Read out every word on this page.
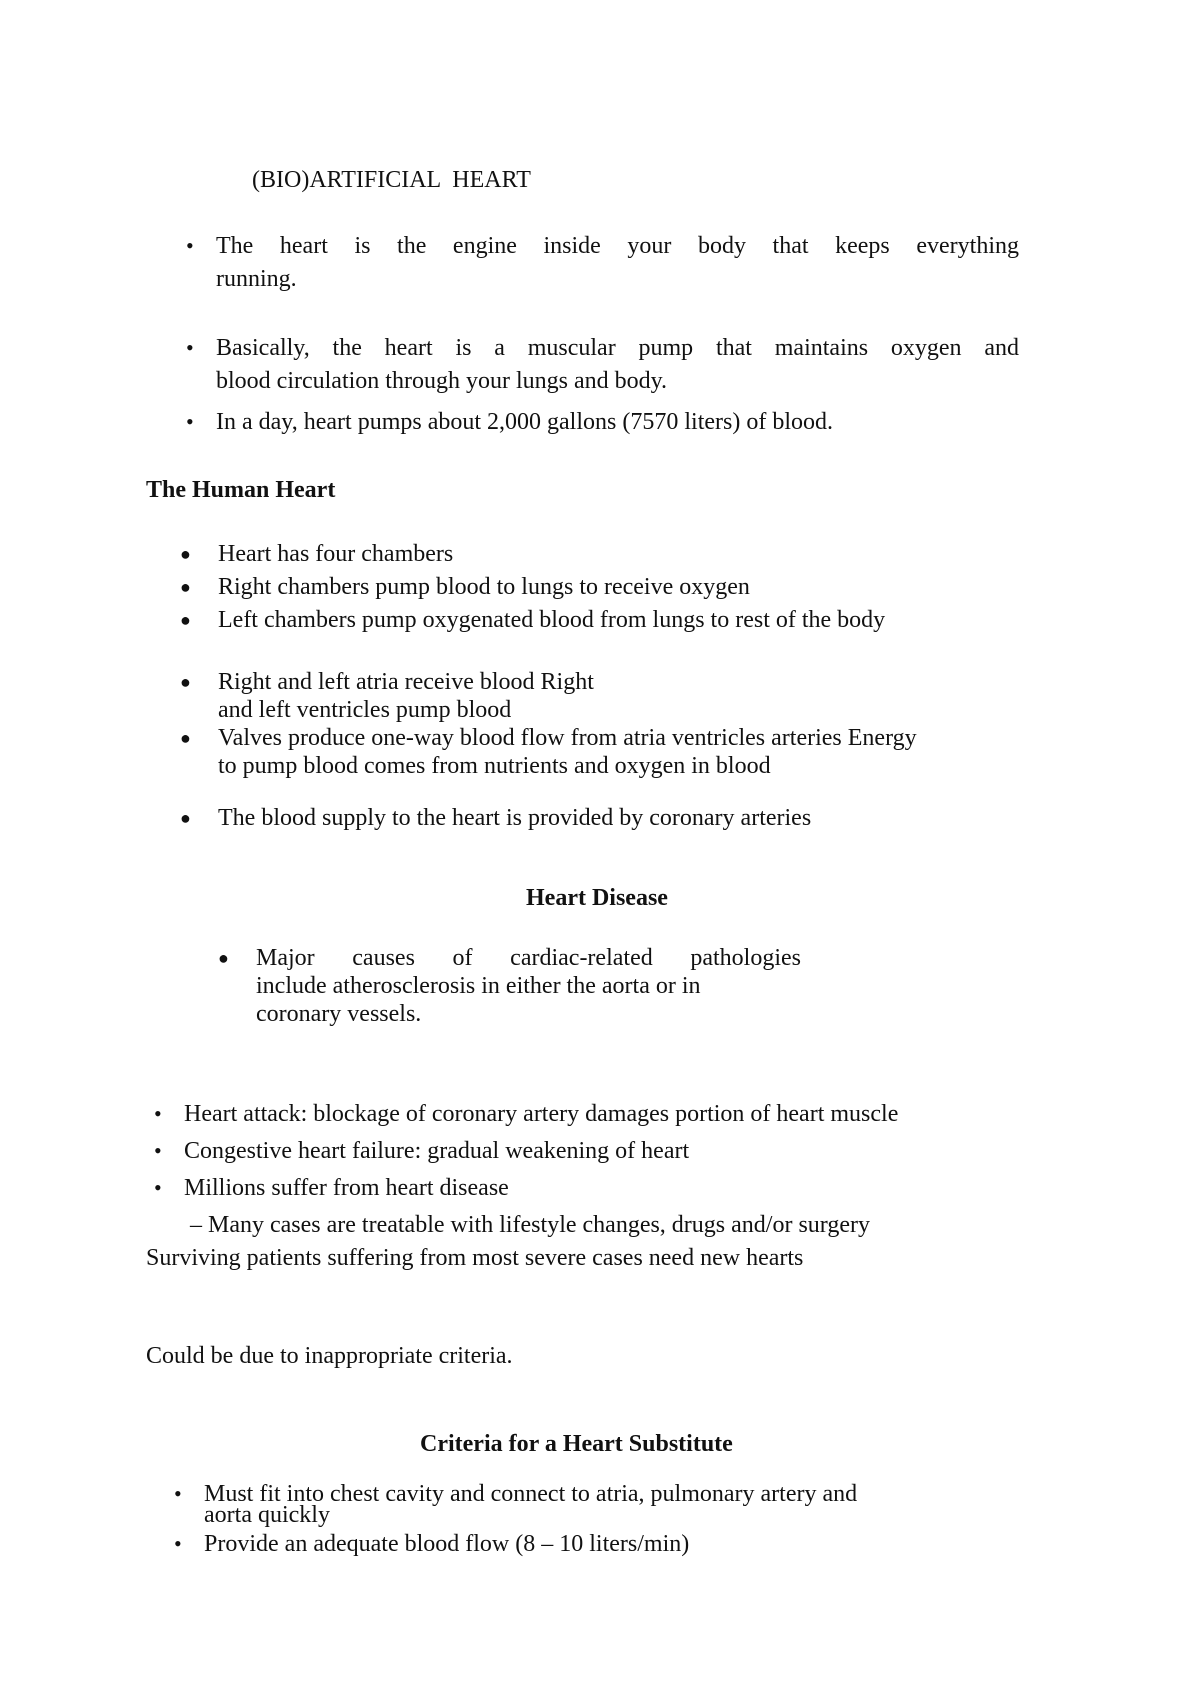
(BIO)ARTIFICIAL  HEART
• The heart is the engine inside your body that keeps everything
running.
• Basically, the heart is a muscular pump that maintains oxygen and
blood circulation through your lungs and body.
• In a day, heart pumps about 2,000 gallons (7570 liters) of blood.
The Human Heart
● Heart has four chambers
● Right chambers pump blood to lungs to receive oxygen
● Left chambers pump oxygenated blood from lungs to rest of the body
● Right and left atria receive blood Right
and left ventricles pump blood
● Valves produce one-way blood flow from atria ventricles arteries Energy
to pump blood comes from nutrients and oxygen in blood
● The blood supply to the heart is provided by coronary arteries
Heart Disease
● Major causes of cardiac-related pathologies
include atherosclerosis in either the aorta or in
coronary vessels.
• Heart attack: blockage of coronary artery damages portion of heart muscle
• Congestive heart failure: gradual weakening of heart
• Millions suffer from heart disease
– Many cases are treatable with lifestyle changes, drugs and/or surgery
Surviving patients suffering from most severe cases need new hearts
Could be due to inappropriate criteria.
Criteria for a Heart Substitute
• Must fit into chest cavity and connect to atria, pulmonary artery and
aorta quickly
• Provide an adequate blood flow (8 – 10 liters/min)
